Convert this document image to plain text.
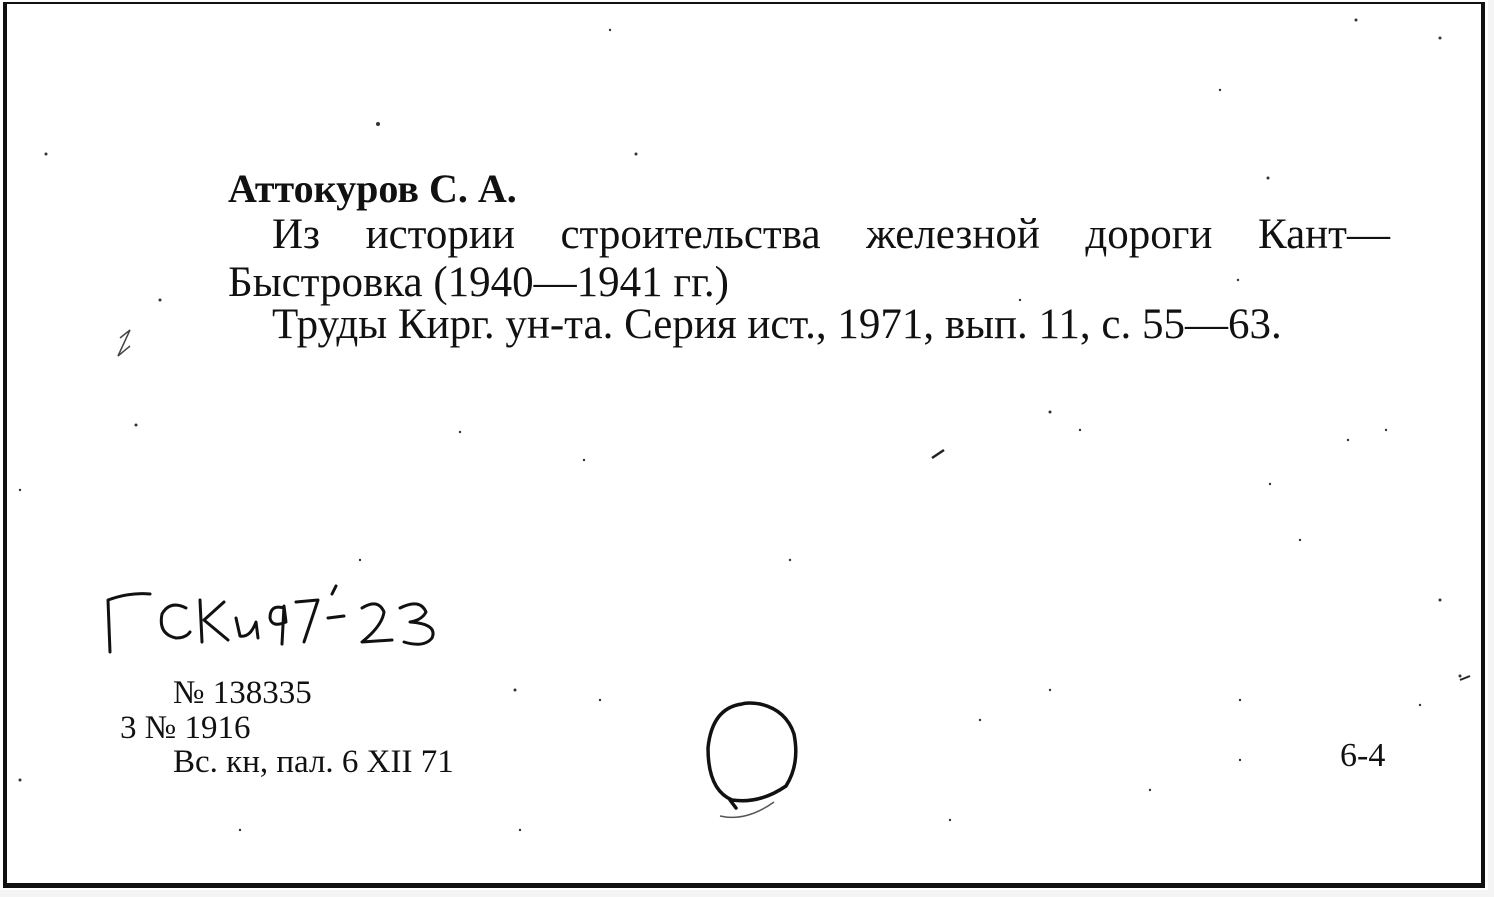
Аттокуров С. А.
Из истории строительства железной дороги Кант—
Быстровка (1940—1941 гг.)
Труды Кирг. ун-та. Серия ист., 1971, вып. 11, с. 55—63.
№ 138335
3 № 1916
Вс. кн, пал. 6 XII 71	6-4
